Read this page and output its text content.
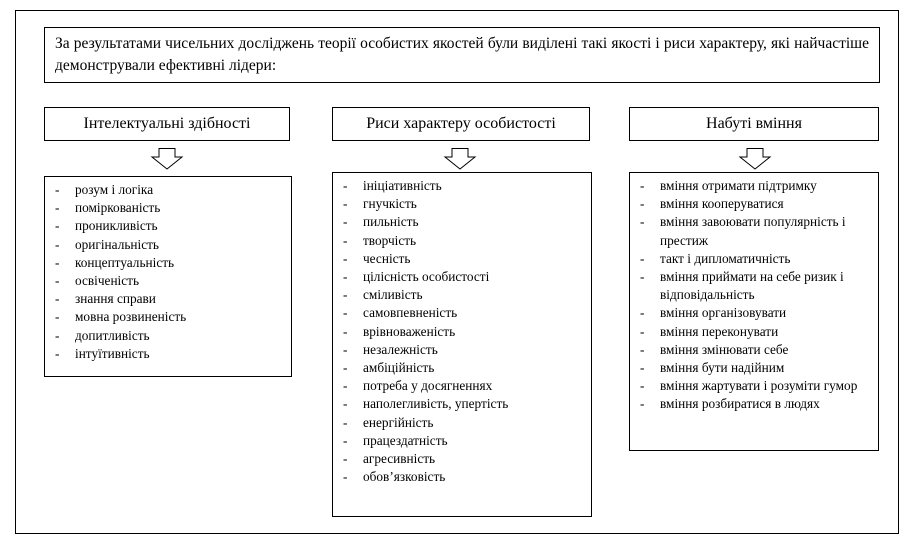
За результатами чисельних досліджень теорії особистих якостей були виділені такі якості і риси характеру, які найчастіше демонстрували ефективні лідери:
Інтелектуальні здібності
-	розум і логіка
-	поміркованість
-	проникливість
-	оригінальність
-	концептуальність
-	освіченість
-	знання справи
-	мовна розвиненість
-	допитливість
-	інтуїтивність
Риси характеру особистості
-	ініціативність
-	гнучкість
-	пильність
-	творчість
-	чесність
-	цілісність особистості
-	сміливість
-	самовпевненість
-	врівноваженість
-	незалежність
-	амбіційність
-	потреба у досягненнях
-	наполегливість, упертість
-	енергійність
-	працездатність
-	агресивність
-	обов’язковість
Набуті вміння
-	вміння отримати підтримку
-	вміння кооперуватися
-	вміння завоювати популярність і престиж
-	такт і дипломатичність
-	вміння приймати на себе ризик і відповідальність
-	вміння організовувати
-	вміння переконувати
-	вміння змінювати себе
-	вміння бути надійним
-	вміння жартувати і розуміти гумор
-	вміння розбиратися в людях
